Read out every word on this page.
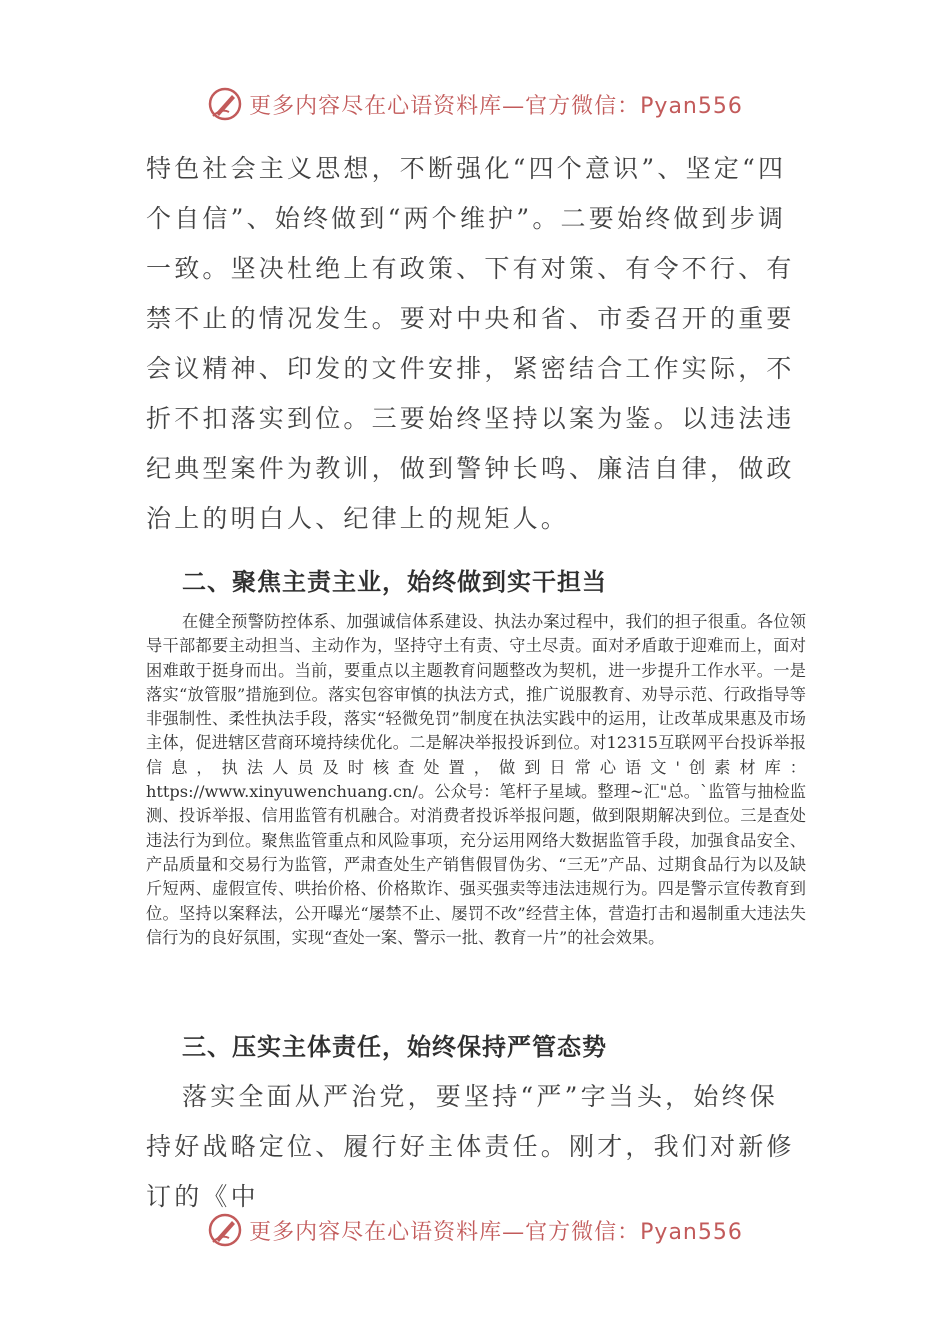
更多内容尽在心语资料库—官方微信：Pyan556

特色社会主义思想，不断强化“四个意识”、坚定“四个自信”、始终做到“两个维护”。二要始终做到步调一致。坚决杜绝上有政策、下有对策、有令不行、有禁不止的情况发生。要对中央和省、市委召开的重要会议精神、印发的文件安排，紧密结合工作实际，不折不扣落实到位。三要始终坚持以案为鉴。以违法违纪典型案件为教训，做到警钟长鸣、廉洁自律，做政治上的明白人、纪律上的规矩人。

二、聚焦主责主业，始终做到实干担当

在健全预警防控体系、加强诚信体系建设、执法办案过程中，我们的担子很重。各位领导干部都要主动担当、主动作为，坚持守土有责、守土尽责。面对矛盾敢于迎难而上，面对困难敢于挺身而出。当前，要重点以主题教育问题整改为契机，进一步提升工作水平。一是落实“放管服”措施到位。落实包容审慎的执法方式，推广说服教育、劝导示范、行政指导等非强制性、柔性执法手段，落实“轻微免罚”制度在执法实践中的运用，让改革成果惠及市场主体，促进辖区营商环境持续优化。二是解决举报投诉到位。对12315互联网平台投诉举报信息，执法人员及时核查处置，做到日常心语文'创素材库：https://www.xinyuwenchuang.cn/。公众号：笔杆子星域。整理~汇"总。`监管与抽检监测、投诉举报、信用监管有机融合。对消费者投诉举报问题，做到限期解决到位。三是查处违法行为到位。聚焦监管重点和风险事项，充分运用网络大数据监管手段，加强食品安全、产品质量和交易行为监管，严肃查处生产销售假冒伪劣、“三无”产品、过期食品行为以及缺斤短两、虚假宣传、哄抬价格、价格欺诈、强买强卖等违法违规行为。四是警示宣传教育到位。坚持以案释法，公开曝光“屡禁不止、屡罚不改”经营主体，营造打击和遏制重大违法失信行为的良好氛围，实现“查处一案、警示一批、教育一片”的社会效果。

三、压实主体责任，始终保持严管态势

落实全面从严治党，要坚持“严”字当头，始终保持好战略定位、履行好主体责任。刚才，我们对新修订的《中

更多内容尽在心语资料库—官方微信：Pyan556
